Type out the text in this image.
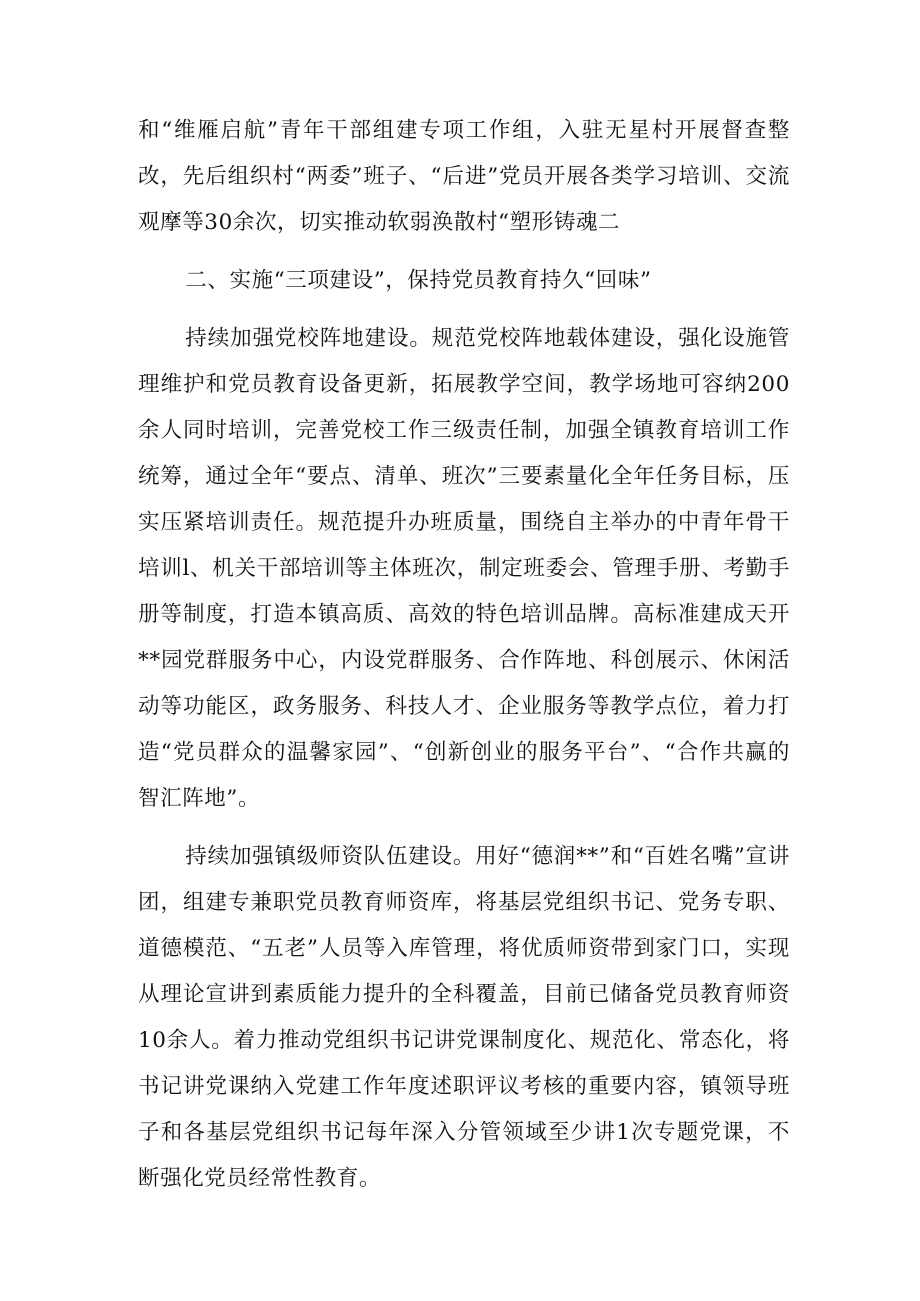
和“维雁启航”青年干部组建专项工作组，入驻无星村开展督查整改，先后组织村“两委”班子、“后进”党员开展各类学习培训、交流观摩等30余次，切实推动软弱涣散村“塑形铸魂二

二、实施“三项建设”，保持党员教育持久“回味”

持续加强党校阵地建设。规范党校阵地载体建设，强化设施管理维护和党员教育设备更新，拓展教学空间，教学场地可容纳200余人同时培训，完善党校工作三级责任制，加强全镇教育培训工作统筹，通过全年“要点、清单、班次”三要素量化全年任务目标，压实压紧培训责任。规范提升办班质量，围绕自主举办的中青年骨干培训l、机关干部培训等主体班次，制定班委会、管理手册、考勤手册等制度，打造本镇高质、高效的特色培训品牌。高标准建成天开**园党群服务中心，内设党群服务、合作阵地、科创展示、休闲活动等功能区，政务服务、科技人才、企业服务等教学点位，着力打造“党员群众的温馨家园”、“创新创业的服务平台”、“合作共赢的智汇阵地”。

持续加强镇级师资队伍建设。用好“德润**”和“百姓名嘴”宣讲团，组建专兼职党员教育师资库，将基层党组织书记、党务专职、道德模范、“五老”人员等入库管理，将优质师资带到家门口，实现从理论宣讲到素质能力提升的全科覆盖，目前已储备党员教育师资10余人。着力推动党组织书记讲党课制度化、规范化、常态化，将书记讲党课纳入党建工作年度述职评议考核的重要内容，镇领导班子和各基层党组织书记每年深入分管领域至少讲1次专题党课，不断强化党员经常性教育。
